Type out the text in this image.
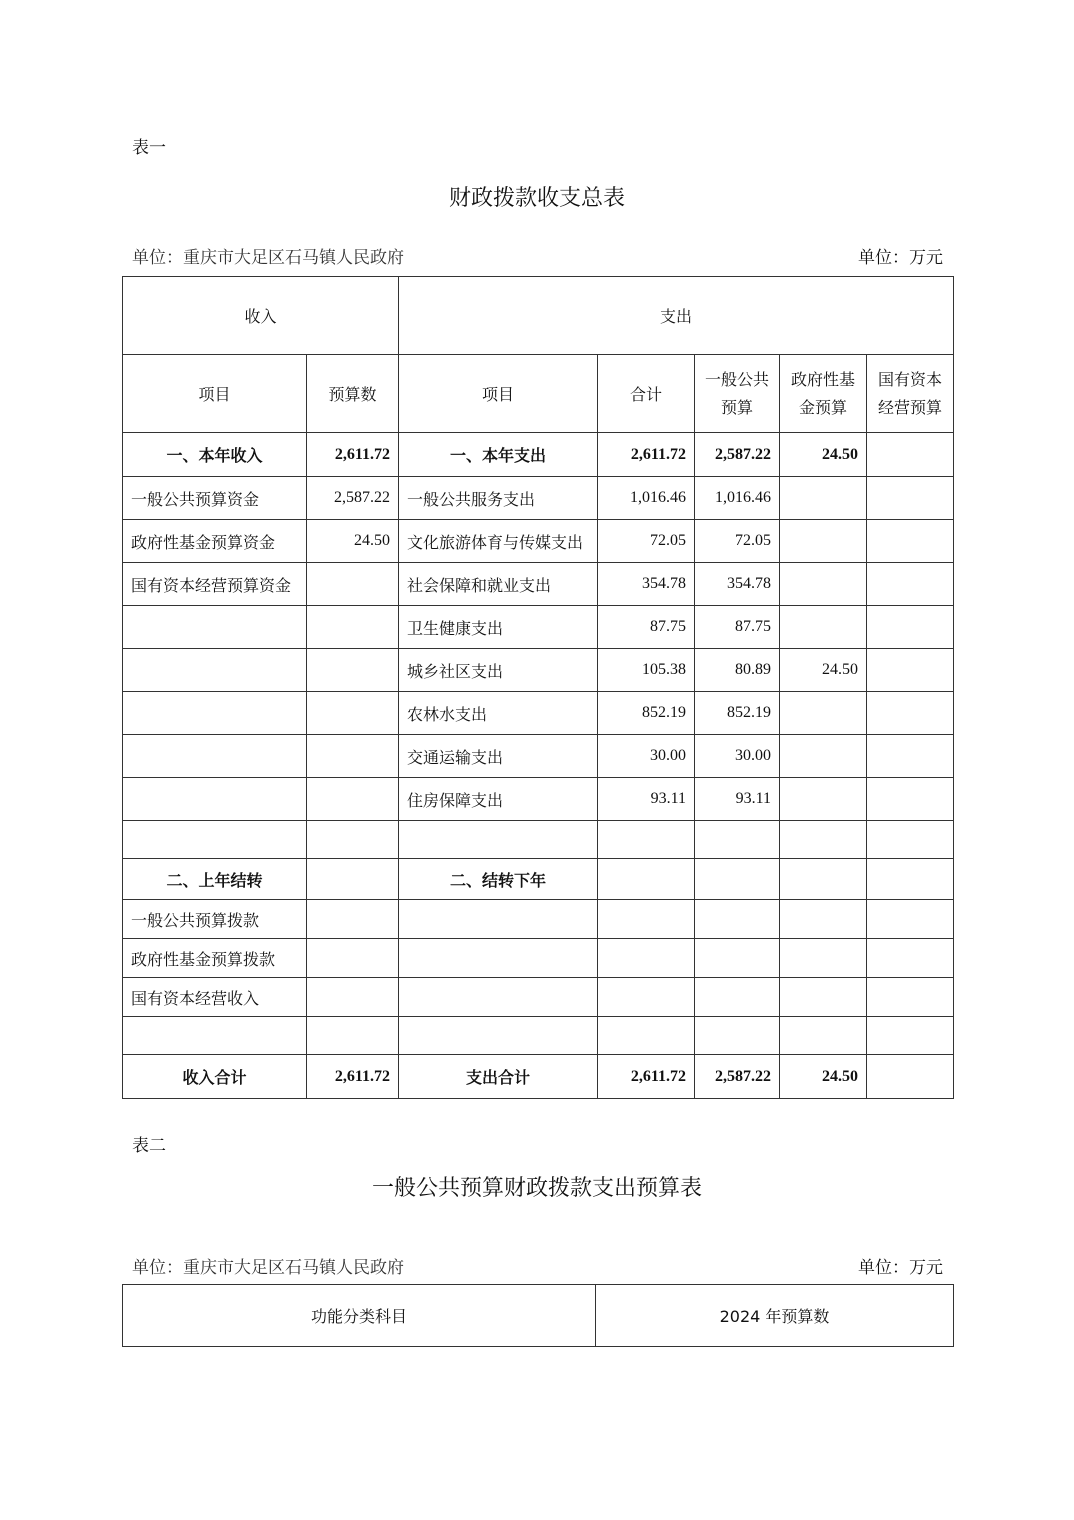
表一
财政拨款收支总表
单位：重庆市大足区石马镇人民政府	单位：万元
收入		支出				
项目	预算数	项目	合计	一般公共预算	政府性基金预算	国有资本经营预算
一、本年收入	2,611.72	一、本年支出	2,611.72	2,587.22	24.50	
一般公共预算资金	2,587.22	一般公共服务支出	1,016.46	1,016.46		
政府性基金预算资金	24.50	文化旅游体育与传媒支出	72.05	72.05		
国有资本经营预算资金		社会保障和就业支出	354.78	354.78		
		卫生健康支出	87.75	87.75		
		城乡社区支出	105.38	80.89	24.50	
		农林水支出	852.19	852.19		
		交通运输支出	30.00	30.00		
		住房保障支出	93.11	93.11		

二、上年结转		二、结转下年				
一般公共预算拨款						
政府性基金预算拨款						
国有资本经营收入						

收入合计	2,611.72	支出合计	2,611.72	2,587.22	24.50	
表二
一般公共预算财政拨款支出预算表
单位：重庆市大足区石马镇人民政府	单位：万元
功能分类科目	2024 年预算数
